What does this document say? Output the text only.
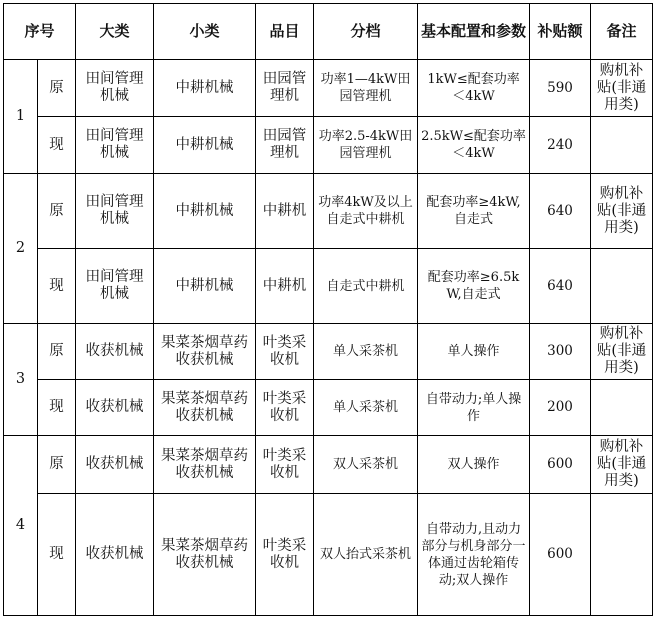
序号		大类	小类	品目	分档	基本配置和参数	补贴额	备注
1	原	田间管理机械	中耕机械	田园管理机	功率1—4kW田园管理机	1kW≤配套功率＜4kW	590	购机补贴(非通用类)
	现	田间管理机械	中耕机械	田园管理机	功率2.5-4kW田园管理机	2.5kW≤配套功率＜4kW	240	
2	原	田间管理机械	中耕机械	中耕机	功率4kW及以上自走式中耕机	配套功率≥4kW,自走式	640	购机补贴(非通用类)
	现	田间管理机械	中耕机械	中耕机	自走式中耕机	配套功率≥6.5kW,自走式	640	
3	原	收获机械	果菜茶烟草药收获机械	叶类采收机	单人采茶机	单人操作	300	购机补贴(非通用类)
	现	收获机械	果菜茶烟草药收获机械	叶类采收机	单人采茶机	自带动力;单人操作	200	
4	原	收获机械	果菜茶烟草药收获机械	叶类采收机	双人采茶机	双人操作	600	购机补贴(非通用类)
	现	收获机械	果菜茶烟草药收获机械	叶类采收机	双人抬式采茶机	自带动力,且动力部分与机身部分一体通过齿轮箱传动;双人操作	600	
